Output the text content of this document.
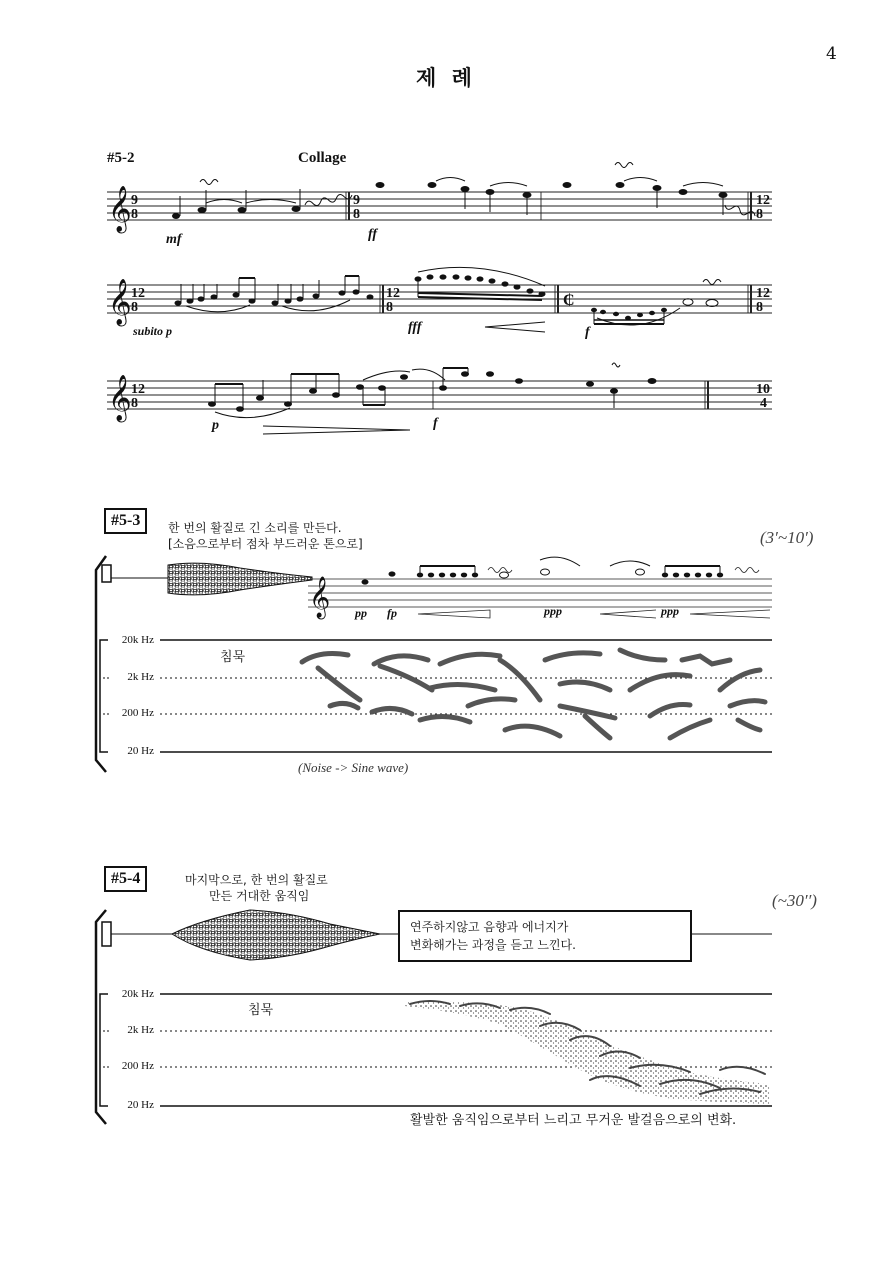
4
제 례
#5-2	Collage
𝄞
𝄞
𝄞
9
8
9
8
12
8
12
8
12
8	₵	12
8
12
8
10
4
𝄞
mf	ff
subito p	fff	f
p	f
#5-3	한 번의 활질로 긴 소리를 만든다.
[소음으로부터 점차 부드러운 톤으로]	(3′~10′)
pp fp	ppp	ppp
20k Hz
2k Hz
200 Hz
20 Hz
침묵
(Noise -> Sine wave)
#5-4	마지막으로, 한 번의 활질로
만든 거대한 움직임	(~30′′)
연주하지않고 음향과 에너지가
변화해가는 과정을 듣고 느낀다.
20k Hz
2k Hz
200 Hz
20 Hz
침묵
활발한 움직임으로부터 느리고 무거운 발걸음으로의 변화.
